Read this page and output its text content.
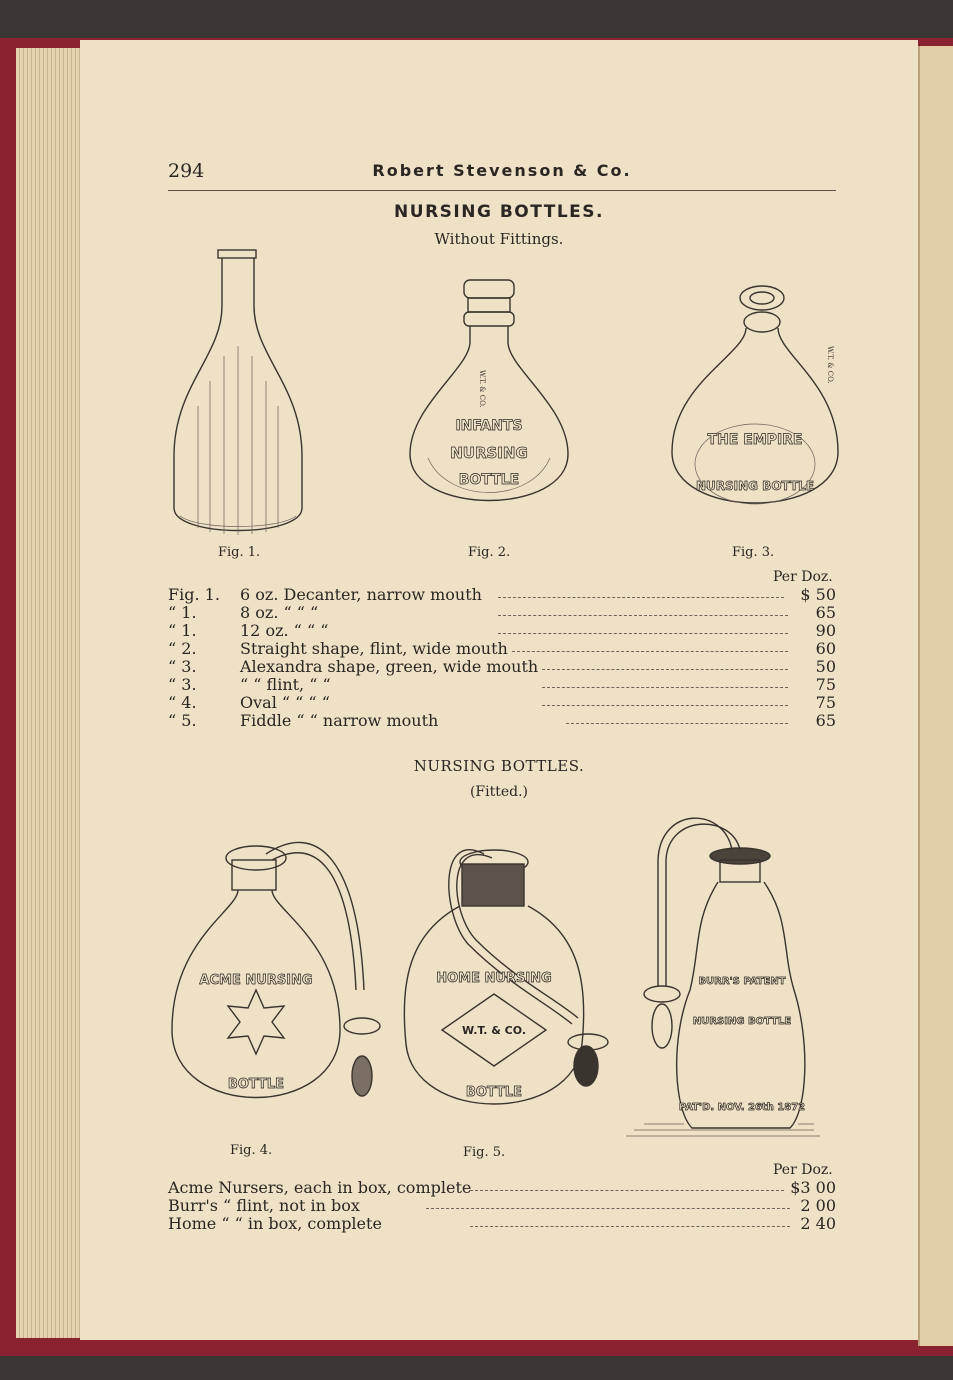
294	Robert Stevenson & Co.
NURSING BOTTLES.
Without Fittings.
INFANTS
NURSING
BOTTLE
W.T. & CO.
THE EMPIRE
NURSING BOTTLE
W.T. & CO.
Fig. 1.	Fig. 2.	Fig. 3.
Per Doz.
Fig. 1. 6 oz. Decanter, narrow mouth	$ 50
“ 1.	8 oz. “ “ “	65
“ 1.	12 oz. “ “ “	90
“ 2.	Straight shape, flint, wide mouth	60
“ 3.	Alexandra shape, green, wide mouth	50
“ 3.	“ “ flint, “ “	75
“ 4.	Oval “ “ “ “	75
“ 5.	Fiddle “ “ narrow mouth	65
NURSING BOTTLES.
(Fitted.)
ACME NURSING
BOTTLE
HOME NURSING
W.T. & CO.
BOTTLE
BURR'S PATENT
NURSING BOTTLE
PAT'D. NOV. 26th 1872
Fig. 4.	Fig. 5.
Per Doz.
Acme Nursers, each in box, complete	$3 00
Burr's “ flint, not in box	2 00
Home “ “ in box, complete	2 40
